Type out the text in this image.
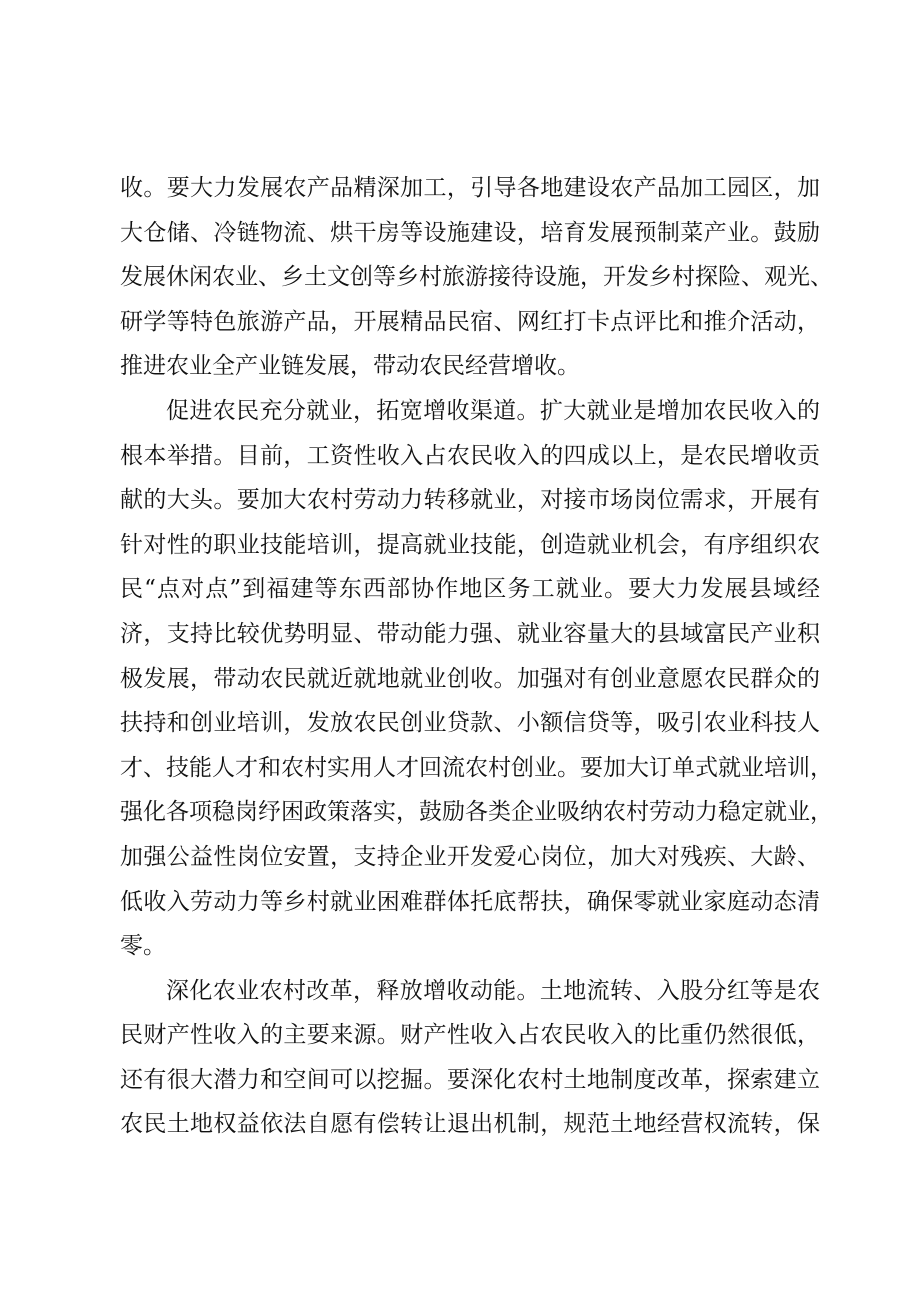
收。要大力发展农产品精深加工，引导各地建设农产品加工园区，加
大仓储、冷链物流、烘干房等设施建设，培育发展预制菜产业。鼓励
发展休闲农业、乡土文创等乡村旅游接待设施，开发乡村探险、观光、
研学等特色旅游产品，开展精品民宿、网红打卡点评比和推介活动，
推进农业全产业链发展，带动农民经营增收。
促进农民充分就业，拓宽增收渠道。扩大就业是增加农民收入的
根本举措。目前，工资性收入占农民收入的四成以上，是农民增收贡
献的大头。要加大农村劳动力转移就业，对接市场岗位需求，开展有
针对性的职业技能培训，提高就业技能，创造就业机会，有序组织农
民“点对点”到福建等东西部协作地区务工就业。要大力发展县域经
济，支持比较优势明显、带动能力强、就业容量大的县域富民产业积
极发展，带动农民就近就地就业创收。加强对有创业意愿农民群众的
扶持和创业培训，发放农民创业贷款、小额信贷等，吸引农业科技人
才、技能人才和农村实用人才回流农村创业。要加大订单式就业培训，
强化各项稳岗纾困政策落实，鼓励各类企业吸纳农村劳动力稳定就业，
加强公益性岗位安置，支持企业开发爱心岗位，加大对残疾、大龄、
低收入劳动力等乡村就业困难群体托底帮扶，确保零就业家庭动态清
零。
深化农业农村改革，释放增收动能。土地流转、入股分红等是农
民财产性收入的主要来源。财产性收入占农民收入的比重仍然很低，
还有很大潜力和空间可以挖掘。要深化农村土地制度改革，探索建立
农民土地权益依法自愿有偿转让退出机制，规范土地经营权流转，保
